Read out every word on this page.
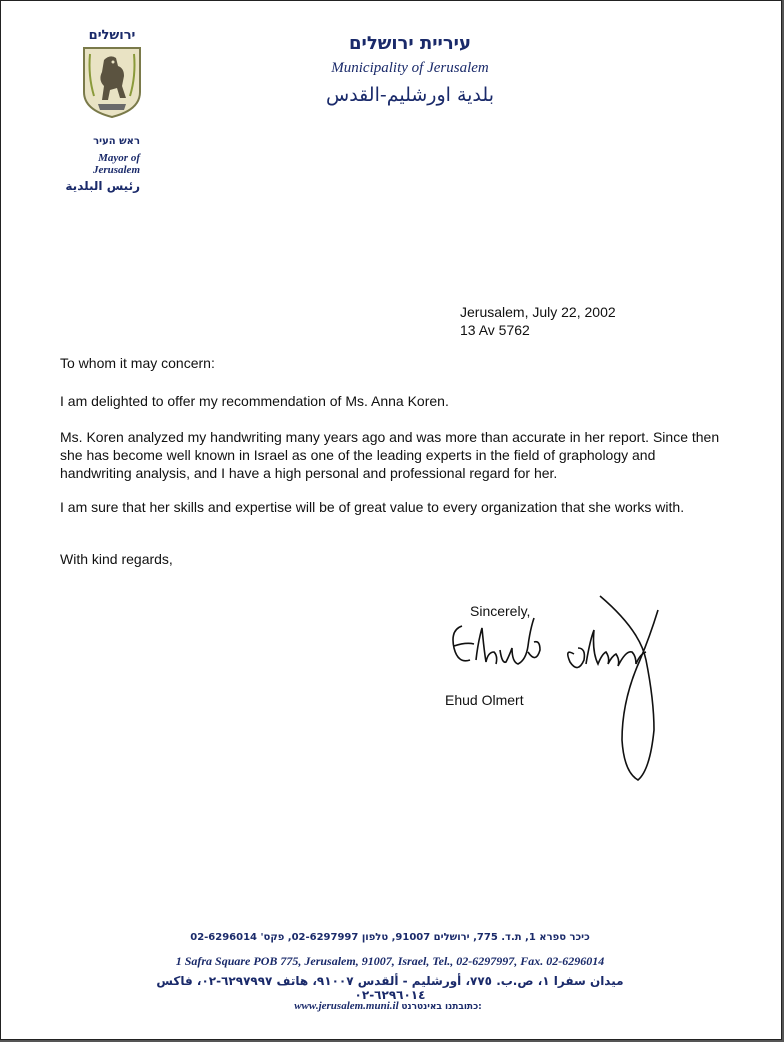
ירושלים	עיריית ירושלים
Municipality of Jerusalem
بلدية اورشليم-القدس
ראש העיר
Mayor of
Jerusalem
رئيس البلدية
Jerusalem, July 22, 2002
13 Av 5762
To whom it may concern:
I am delighted to offer my recommendation of Ms. Anna Koren.
Ms. Koren analyzed my handwriting many years ago and was more than accurate in her report. Since then she has become well known in Israel as one of the leading experts in the field of graphology and handwriting analysis, and I have a high personal and professional regard for her.
I am sure that her skills and expertise will be of great value to every organization that she works with.
With kind regards,
Sincerely,
Ehud Olmert
כיכר ספרא 1, ת.ד. 775, ירושלים 91007, טלפון 02-6297997, פקס' 02-6296014
1 Safra Square POB 775, Jerusalem, 91007, Israel, Tel., 02-6297997, Fax. 02-6296014
ميدان سفرا ١، ص.ب. ٧٧٥، أورشليم - ألقدس ٩١٠٠٧، هاتف ٦٢٩٧٩٩٧-٠٢، فاكس ٦٢٩٦٠١٤-٠٢
www.jerusalem.muni.il כתובתנו באינטרנט:
